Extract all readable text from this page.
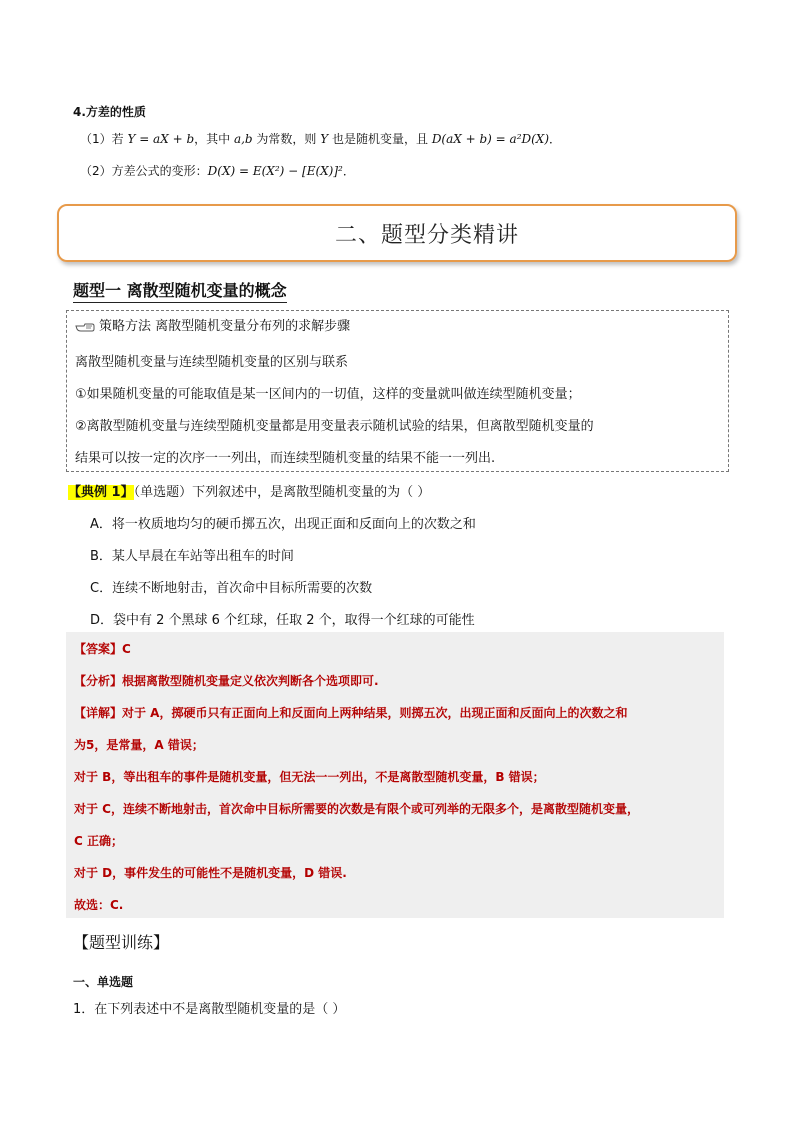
4.方差的性质
（1）若 Y = aX + b，其中 a,b 为常数，则 Y 也是随机变量，且 D(aX + b) = a²D(X)．
（2）方差公式的变形：D(X) = E(X²) − [E(X)]²．
二、题型分类精讲
题型一 离散型随机变量的概念
策略方法 离散型随机变量分布列的求解步骤
离散型随机变量与连续型随机变量的区别与联系
①如果随机变量的可能取值是某一区间内的一切值，这样的变量就叫做连续型随机变量；
②离散型随机变量与连续型随机变量都是用变量表示随机试验的结果，但离散型随机变量的
结果可以按一定的次序一一列出，而连续型随机变量的结果不能一一列出.
【典例 1】（单选题）下列叙述中，是离散型随机变量的为（ ）
A．将一枚质地均匀的硬币掷五次，出现正面和反面向上的次数之和
B．某人早晨在车站等出租车的时间
C．连续不断地射击，首次命中目标所需要的次数
D．袋中有 2 个黑球 6 个红球，任取 2 个，取得一个红球的可能性
【答案】C
【分析】根据离散型随机变量定义依次判断各个选项即可.
【详解】对于 A，掷硬币只有正面向上和反面向上两种结果，则掷五次，出现正面和反面向上的次数之和
为5，是常量，A 错误；
对于 B，等出租车的事件是随机变量，但无法一一列出，不是离散型随机变量，B 错误；
对于 C，连续不断地射击，首次命中目标所需要的次数是有限个或可列举的无限多个，是离散型随机变量，
C 正确；
对于 D，事件发生的可能性不是随机变量，D 错误.
故选：C.
【题型训练】
一、单选题
1．在下列表述中不是离散型随机变量的是（ ）
